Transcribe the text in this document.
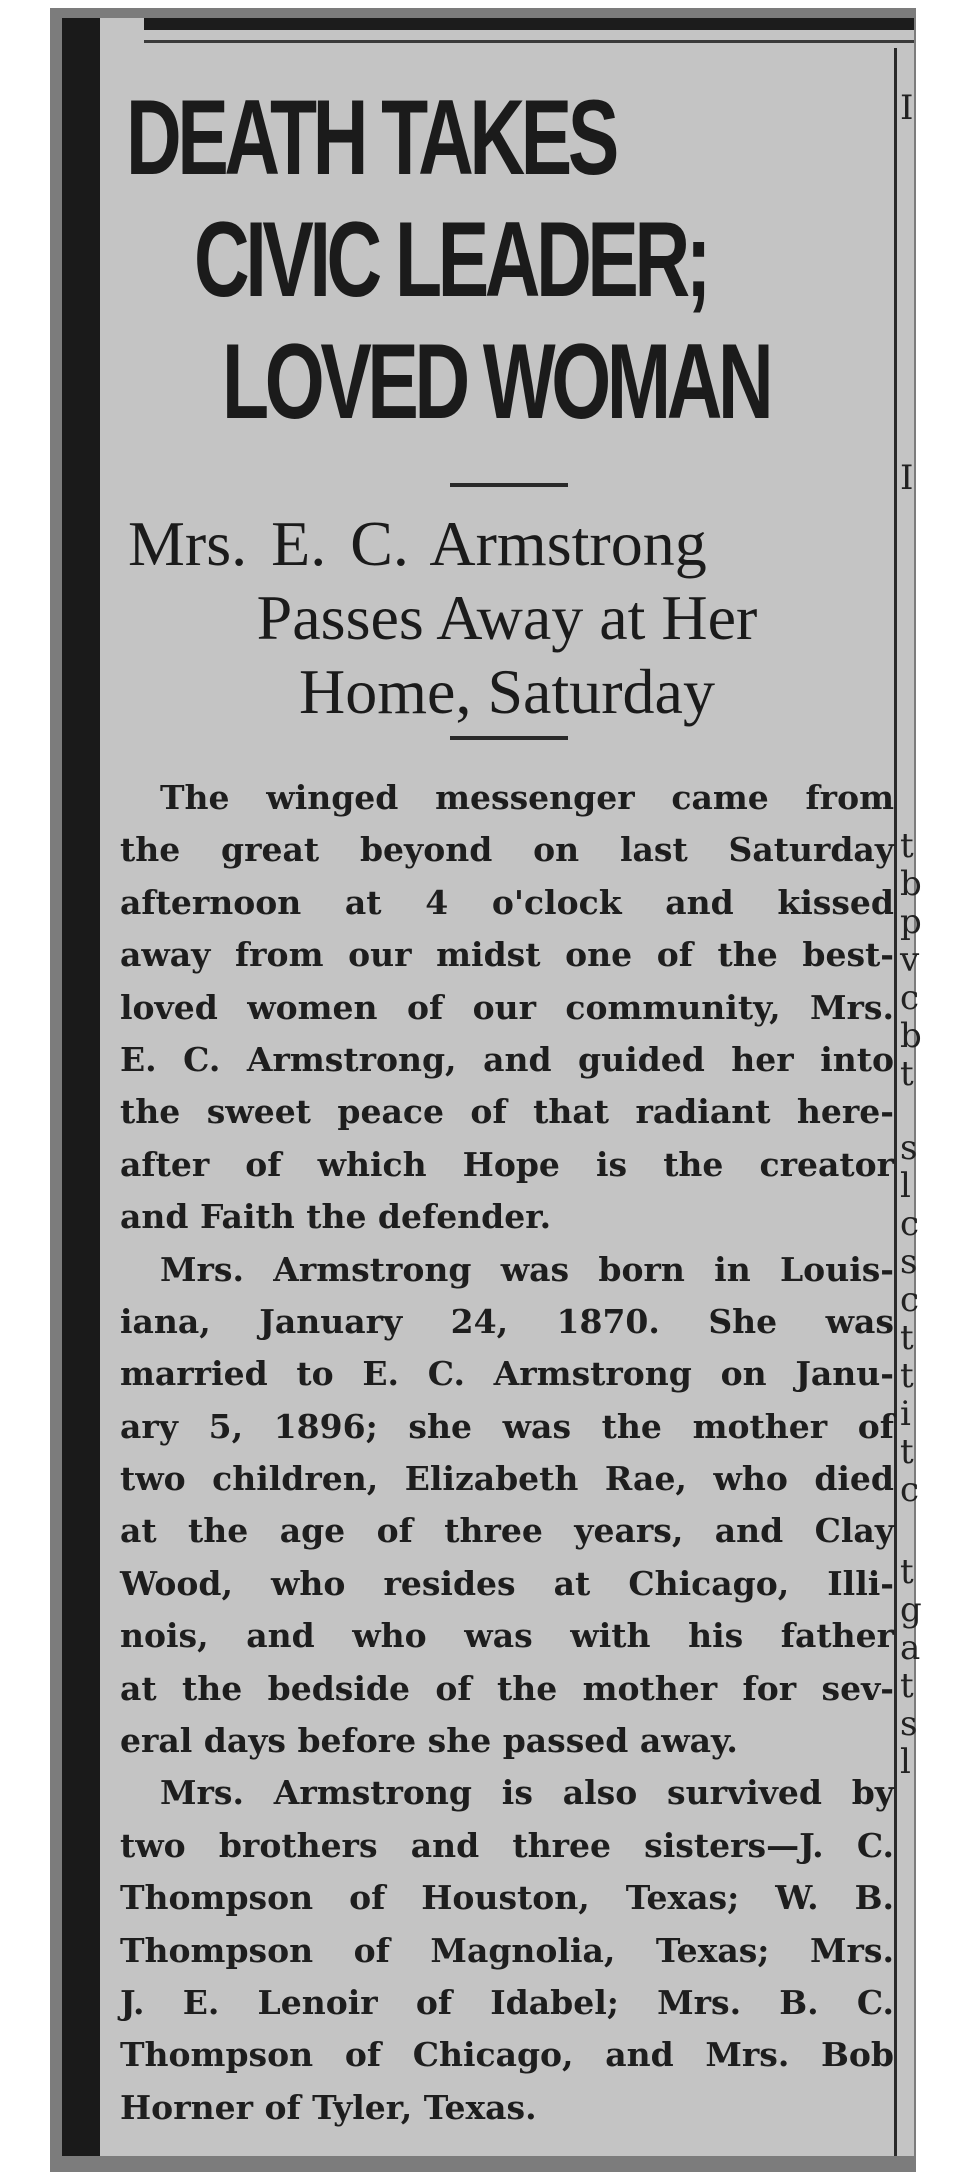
I
I
t
b
p
v
c
b
t
s
l
c
s
c
t
t
i
t
c
t
g
a
t
s
l
DEATH TAKES
CIVIC LEADER;
LOVED WOMAN
Mrs. E. C. Armstrong
Passes Away at Her
Home, Saturday
The winged messenger came from
the great beyond on last Saturday
afternoon at 4 o'clock and kissed
away from our midst one of the best-
loved women of our community, Mrs.
E. C. Armstrong, and guided her into
the sweet peace of that radiant here-
after of which Hope is the creator
and Faith the defender.
Mrs. Armstrong was born in Louis-
iana, January 24, 1870. She was
married to E. C. Armstrong on Janu-
ary 5, 1896; she was the mother of
two children, Elizabeth Rae, who died
at the age of three years, and Clay
Wood, who resides at Chicago, Illi-
nois, and who was with his father
at the bedside of the mother for sev-
eral days before she passed away.
Mrs. Armstrong is also survived by
two brothers and three sisters—J. C.
Thompson of Houston, Texas; W. B.
Thompson of Magnolia, Texas; Mrs.
J. E. Lenoir of Idabel; Mrs. B. C.
Thompson of Chicago, and Mrs. Bob
Horner of Tyler, Texas.
